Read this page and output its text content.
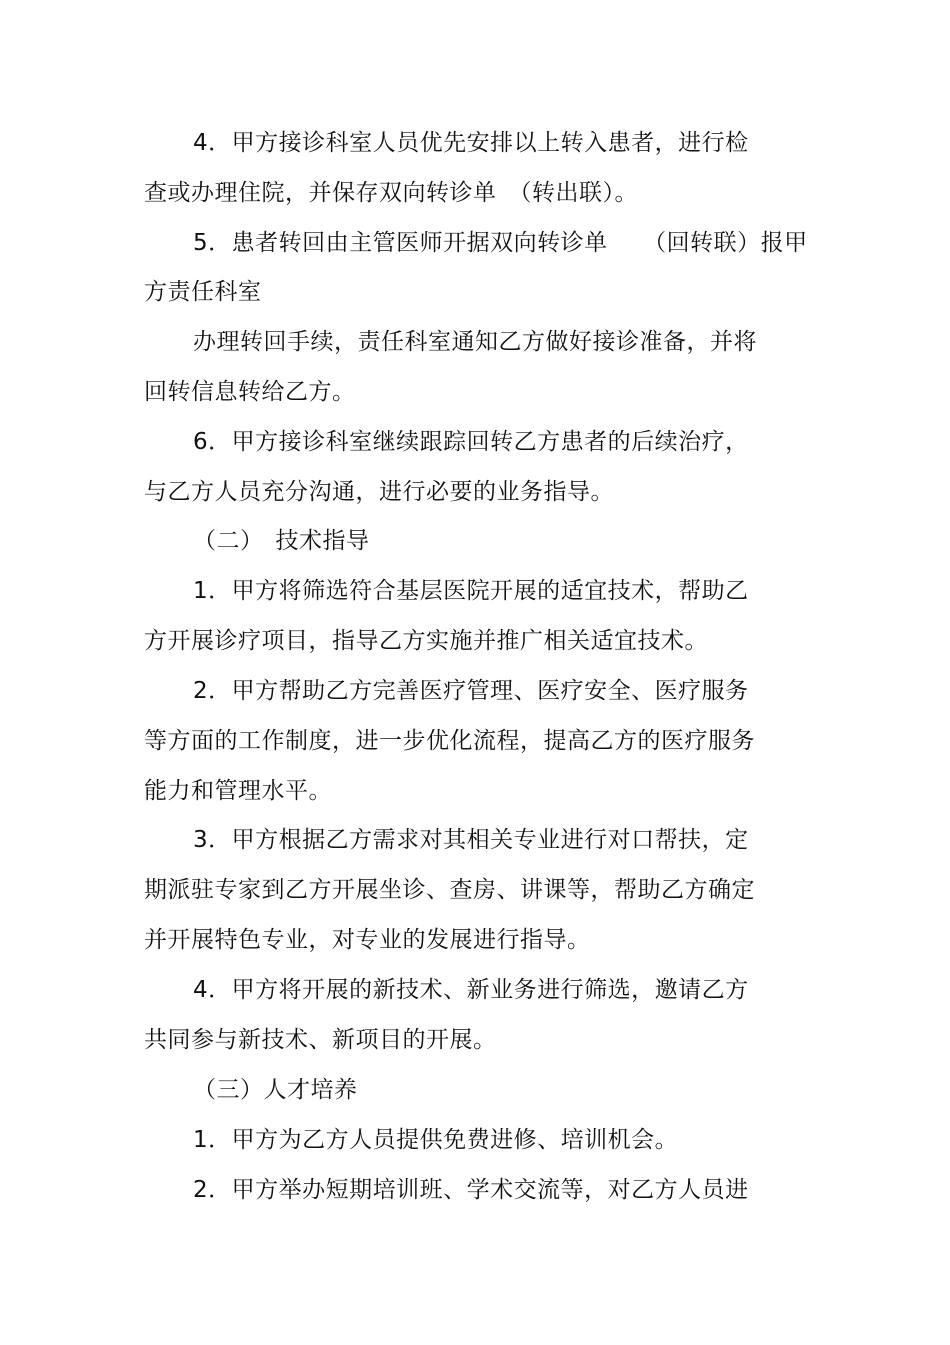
4．甲方接诊科室人员优先安排以上转入患者，进行检
查或办理住院，并保存双向转诊单　（转出联）。
5．患者转回由主管医师开据双向转诊单　　（回转联）报甲
方责任科室
办理转回手续，责任科室通知乙方做好接诊准备，并将
回转信息转给乙方。
6．甲方接诊科室继续跟踪回转乙方患者的后续治疗，
与乙方人员充分沟通，进行必要的业务指导。
（二）　技术指导
1．甲方将筛选符合基层医院开展的适宜技术，帮助乙
方开展诊疗项目，指导乙方实施并推广相关适宜技术。
2．甲方帮助乙方完善医疗管理、医疗安全、医疗服务
等方面的工作制度，进一步优化流程，提高乙方的医疗服务
能力和管理水平。
3．甲方根据乙方需求对其相关专业进行对口帮扶，定
期派驻专家到乙方开展坐诊、查房、讲课等，帮助乙方确定
并开展特色专业，对专业的发展进行指导。
4．甲方将开展的新技术、新业务进行筛选，邀请乙方
共同参与新技术、新项目的开展。
（三）人才培养
1．甲方为乙方人员提供免费进修、培训机会。
2．甲方举办短期培训班、学术交流等，对乙方人员进
